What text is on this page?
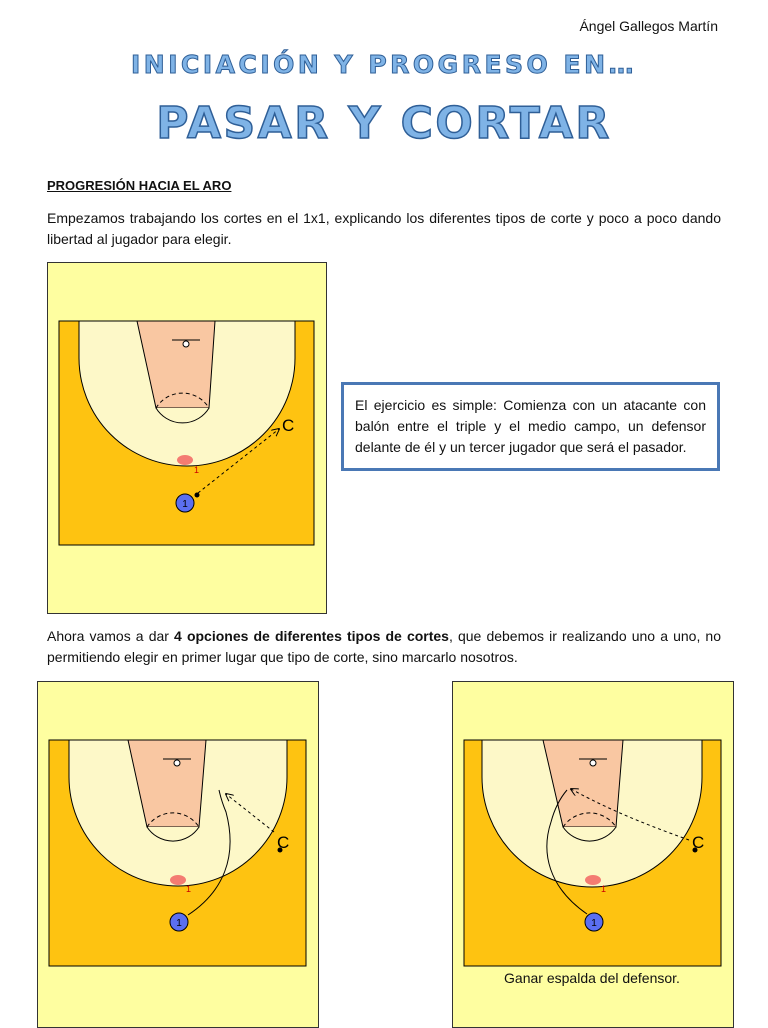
Ángel Gallegos Martín
INICIACIÓN Y PROGRESO EN…
PASAR Y CORTAR
PROGRESIÓN HACIA EL ARO
Empezamos trabajando los cortes en el 1x1, explicando los diferentes tipos de corte y poco a poco dando libertad al jugador para elegir.
1
1
C
El ejercicio es simple: Comienza con un atacante con balón entre el triple y el medio campo, un defensor delante de él y un tercer jugador que será el pasador.
Ahora vamos a dar 4 opciones de diferentes tipos de cortes, que debemos ir realizando uno a uno, no permitiendo elegir en primer lugar que tipo de corte, sino marcarlo nosotros.
1
1
C
1
1
C
Ganar espalda del defensor.
